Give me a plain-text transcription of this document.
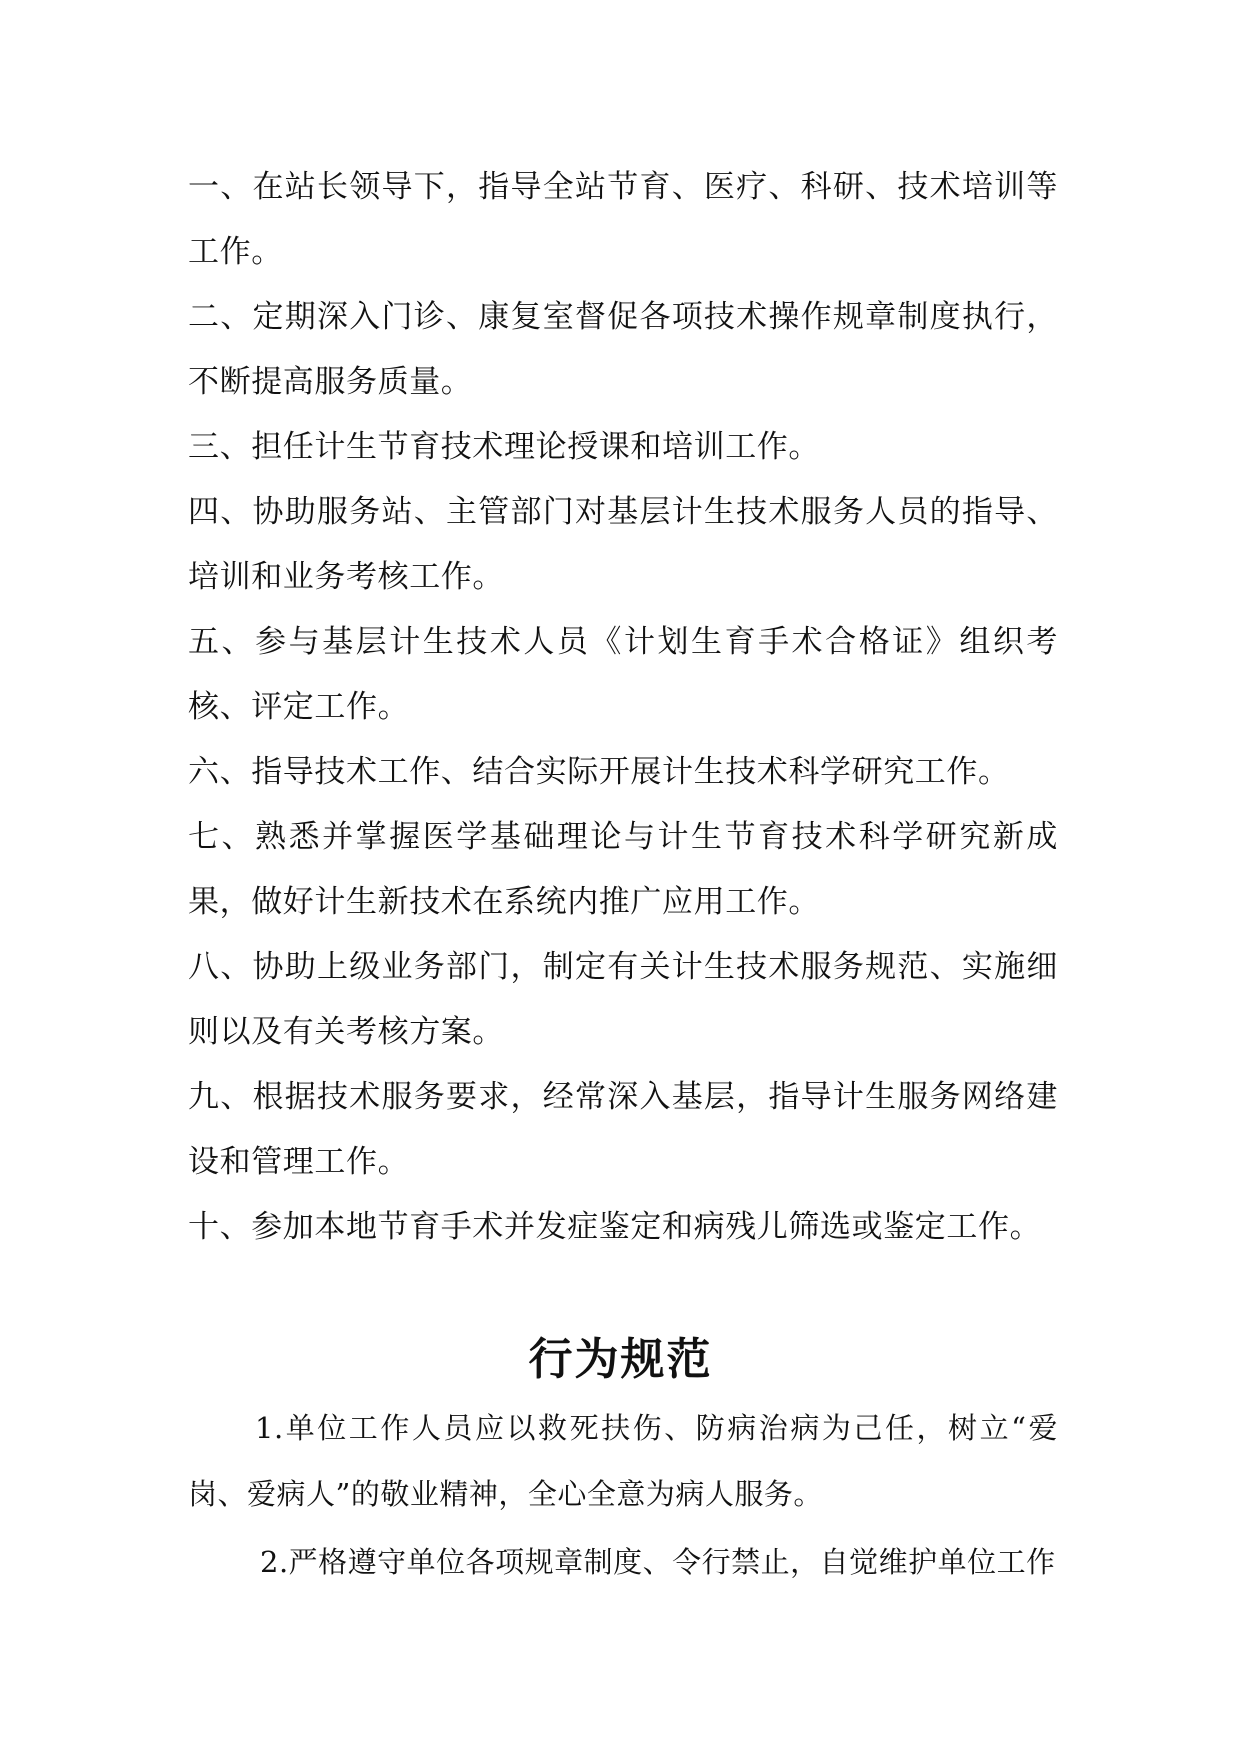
一、在站长领导下，指导全站节育、医疗、科研、技术培训等工作。

二、定期深入门诊、康复室督促各项技术操作规章制度执行，不断提高服务质量。

三、担任计生节育技术理论授课和培训工作。

四、协助服务站、主管部门对基层计生技术服务人员的指导、培训和业务考核工作。

五、参与基层计生技术人员《计划生育手术合格证》组织考核、评定工作。

六、指导技术工作、结合实际开展计生技术科学研究工作。

七、熟悉并掌握医学基础理论与计生节育技术科学研究新成果，做好计生新技术在系统内推广应用工作。

八、协助上级业务部门，制定有关计生技术服务规范、实施细则以及有关考核方案。

九、根据技术服务要求，经常深入基层，指导计生服务网络建设和管理工作。

十、参加本地节育手术并发症鉴定和病残儿筛选或鉴定工作。

行为规范

1.单位工作人员应以救死扶伤、防病治病为己任，树立“爱岗、爱病人”的敬业精神，全心全意为病人服务。

2.严格遵守单位各项规章制度、令行禁止，自觉维护单位工作
